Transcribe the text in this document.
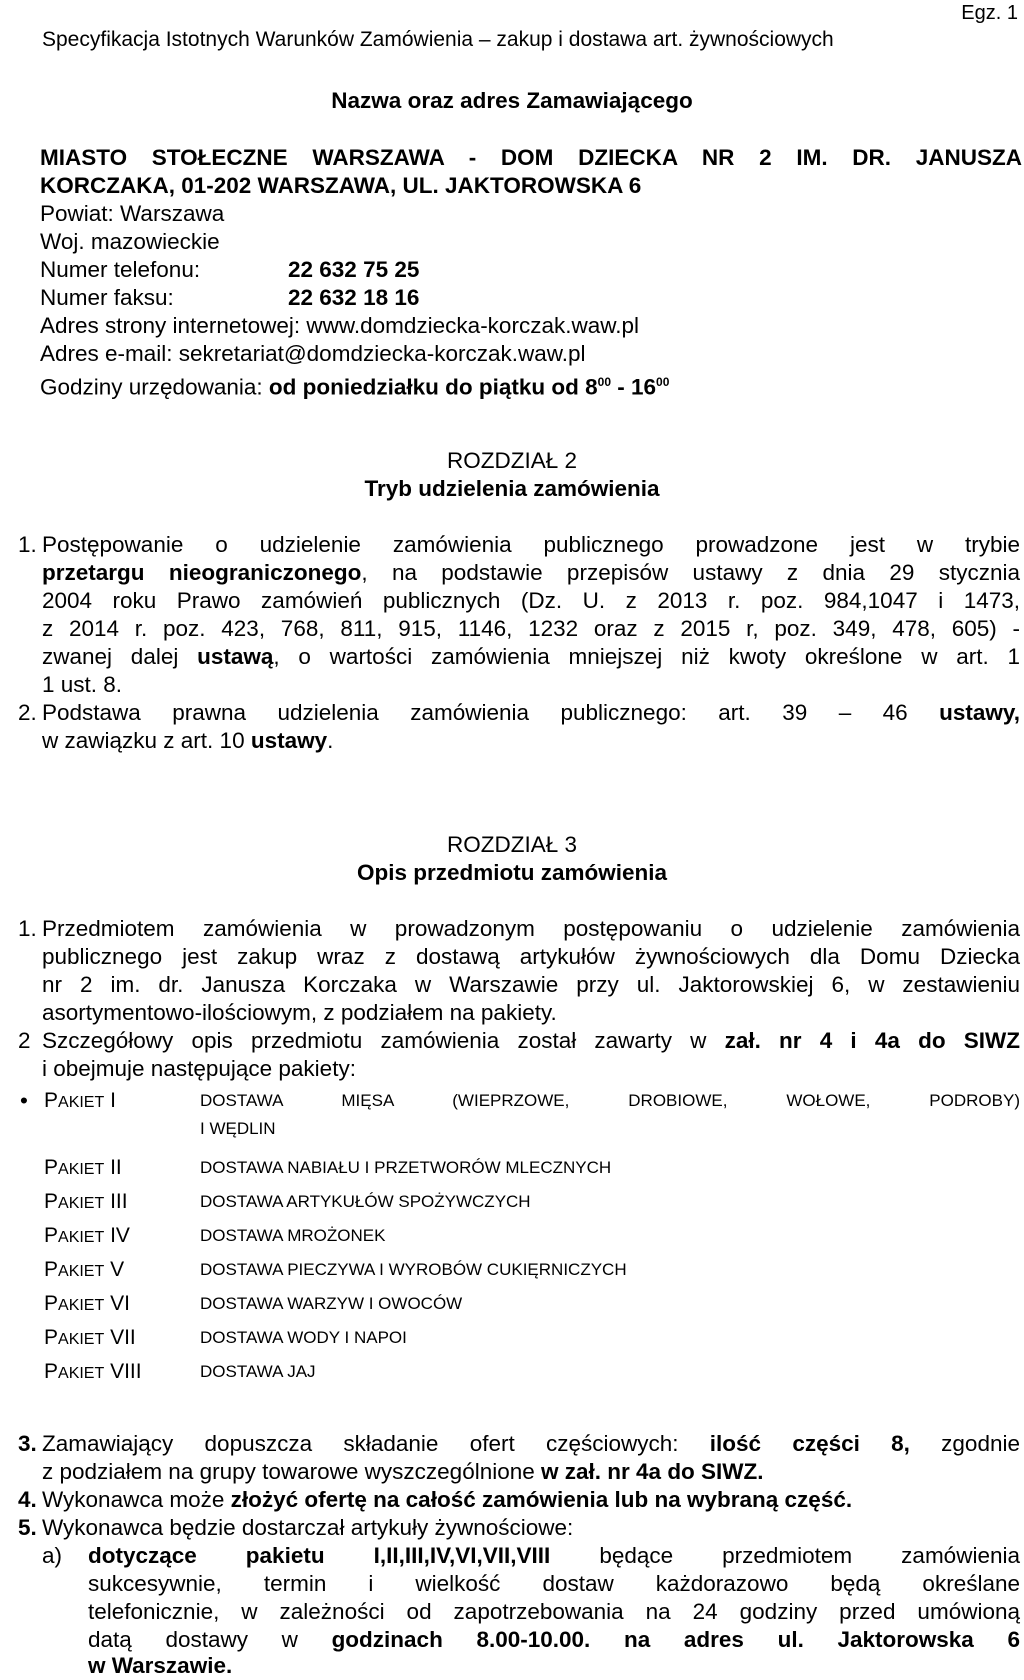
Specyfikacja Istotnych Warunków Zamówienia – zakup i dostawa art. żywnościowych
Egz. 1
Nazwa oraz adres Zamawiającego
MIASTO STOŁECZNE WARSZAWA - DOM DZIECKA NR 2 IM. DR. JANUSZA
KORCZAKA, 01-202 WARSZAWA, UL. JAKTOROWSKA 6
Powiat: Warszawa
Woj. mazowieckie
Numer telefonu:	22 632 75 25
Numer faksu:	22 632 18 16
Adres strony internetowej: www.domdziecka-korczak.waw.pl
Adres e-mail: sekretariat@domdziecka-korczak.waw.pl
Godziny urzędowania: od poniedziałku do piątku od $8^{00} - 16^{00}$
ROZDZIAŁ 2
Tryb udzielenia zamówienia
1. Postępowanie o udzielenie zamówienia publicznego prowadzone jest w trybie
przetargu nieograniczonego, na podstawie przepisów ustawy z dnia 29 stycznia
2004 roku Prawo zamówień publicznych (Dz. U. z 2013 r. poz. 984,1047 i 1473,
z 2014 r. poz. 423, 768, 811, 915, 1146, 1232 oraz z 2015 r, poz. 349, 478, 605) -
zwanej dalej ustawą, o wartości zamówienia mniejszej niż kwoty określone w art. 1
1 ust. 8.
2. Podstawa prawna udzielenia zamówienia publicznego: art. 39 – 46 ustawy,
w zawiązku z art. 10 ustawy.
ROZDZIAŁ 3
Opis przedmiotu zamówienia
1. Przedmiotem zamówienia w prowadzonym postępowaniu o udzielenie zamówienia
publicznego jest zakup wraz z dostawą artykułów żywnościowych dla Domu Dziecka
nr 2 im. dr. Janusza Korczaka w Warszawie przy ul. Jaktorowskiej 6, w zestawieniu
asortymentowo-ilościowym, z podziałem na pakiety.
2 Szczegółowy opis przedmiotu zamówienia został zawarty w zał. nr 4 i 4a do SIWZ
i obejmuje następujące pakiety:
• PAKIET I	DOSTAWA MIĘSA (WIEPRZOWE, DROBIOWE, WOŁOWE, PODROBY)
I WĘDLIN
PAKIET II	DOSTAWA NABIAŁU I PRZETWORÓW MLECZNYCH
PAKIET III	DOSTAWA ARTYKUŁÓW SPOŻYWCZYCH
PAKIET IV	DOSTAWA MROŻONEK
PAKIET V	DOSTAWA PIECZYWA I WYROBÓW CUKIĘRNICZYCH
PAKIET VI	DOSTAWA WARZYW I OWOCÓW
PAKIET VII	DOSTAWA WODY I NAPOI
PAKIET VIII	DOSTAWA JAJ
3. Zamawiający dopuszcza składanie ofert częściowych: ilość części 8, zgodnie
z podziałem na grupy towarowe wyszczególnione w zał. nr 4a do SIWZ.
4. Wykonawca może złożyć ofertę na całość zamówienia lub na wybraną część.
5. Wykonawca będzie dostarczał artykuły żywnościowe:
a) dotyczące pakietu I,II,III,IV,VI,VII,VIII będące przedmiotem zamówienia
sukcesywnie, termin i wielkość dostaw każdorazowo będą określane
telefonicznie, w zależności od zapotrzebowania na 24 godziny przed umówioną
datą dostawy w godzinach 8.00-10.00. na adres ul. Jaktorowska 6
w Warszawie.
